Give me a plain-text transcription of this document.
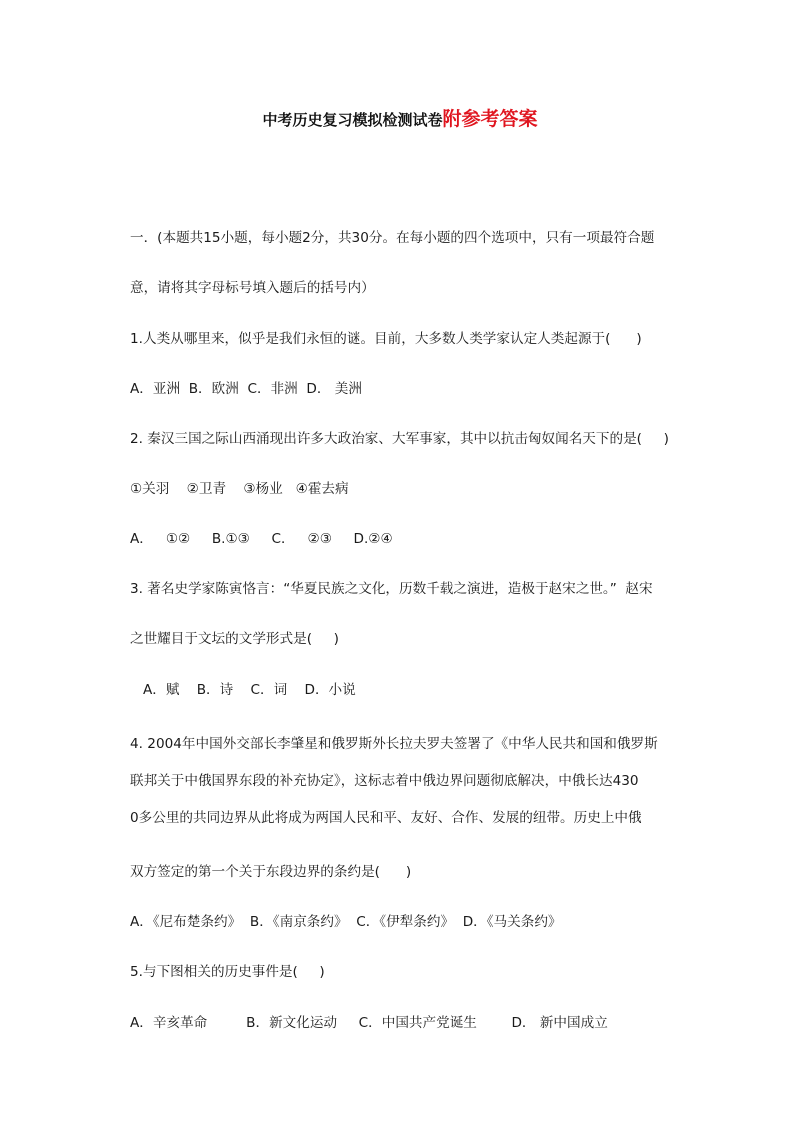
中考历史复习模拟检测试卷附参考答案
一．(本题共15小题，每小题2分，共30分。在每小题的四个选项中，只有一项最符合题
意，请将其字母标号填入题后的括号内）
1.人类从哪里来，似乎是我们永恒的谜。目前，大多数人类学家认定人类起源于(      )
A．亚洲  B．欧洲  C．非洲  D． 美洲
2. 秦汉三国之际山西涌现出许多大政治家、大军事家，其中以抗击匈奴闻名天下的是(     )
①关羽    ②卫青    ③杨业   ④霍去病
A．   ①②     B.①③     C．   ②③     D.②④
3. 著名史学家陈寅恪言：“华夏民族之文化，历数千载之演进，造极于赵宋之世。”  赵宋
之世耀目于文坛的文学形式是(     )
A．赋    B．诗    C．词    D．小说
4. 2004年中国外交部长李肇星和俄罗斯外长拉夫罗夫签署了《中华人民共和国和俄罗斯
联邦关于中俄国界东段的补充协定》，这标志着中俄边界问题彻底解决，中俄长达430
0多公里的共同边界从此将成为两国人民和平、友好、合作、发展的纽带。历史上中俄
双方签定的第一个关于东段边界的条约是(      )
A．《尼布楚条约》  B．《南京条约》  C．《伊犁条约》  D．《马关条约》
5.与下图相关的历史事件是(     )
A．辛亥革命         B．新文化运动     C．中国共产党诞生        D． 新中国成立
